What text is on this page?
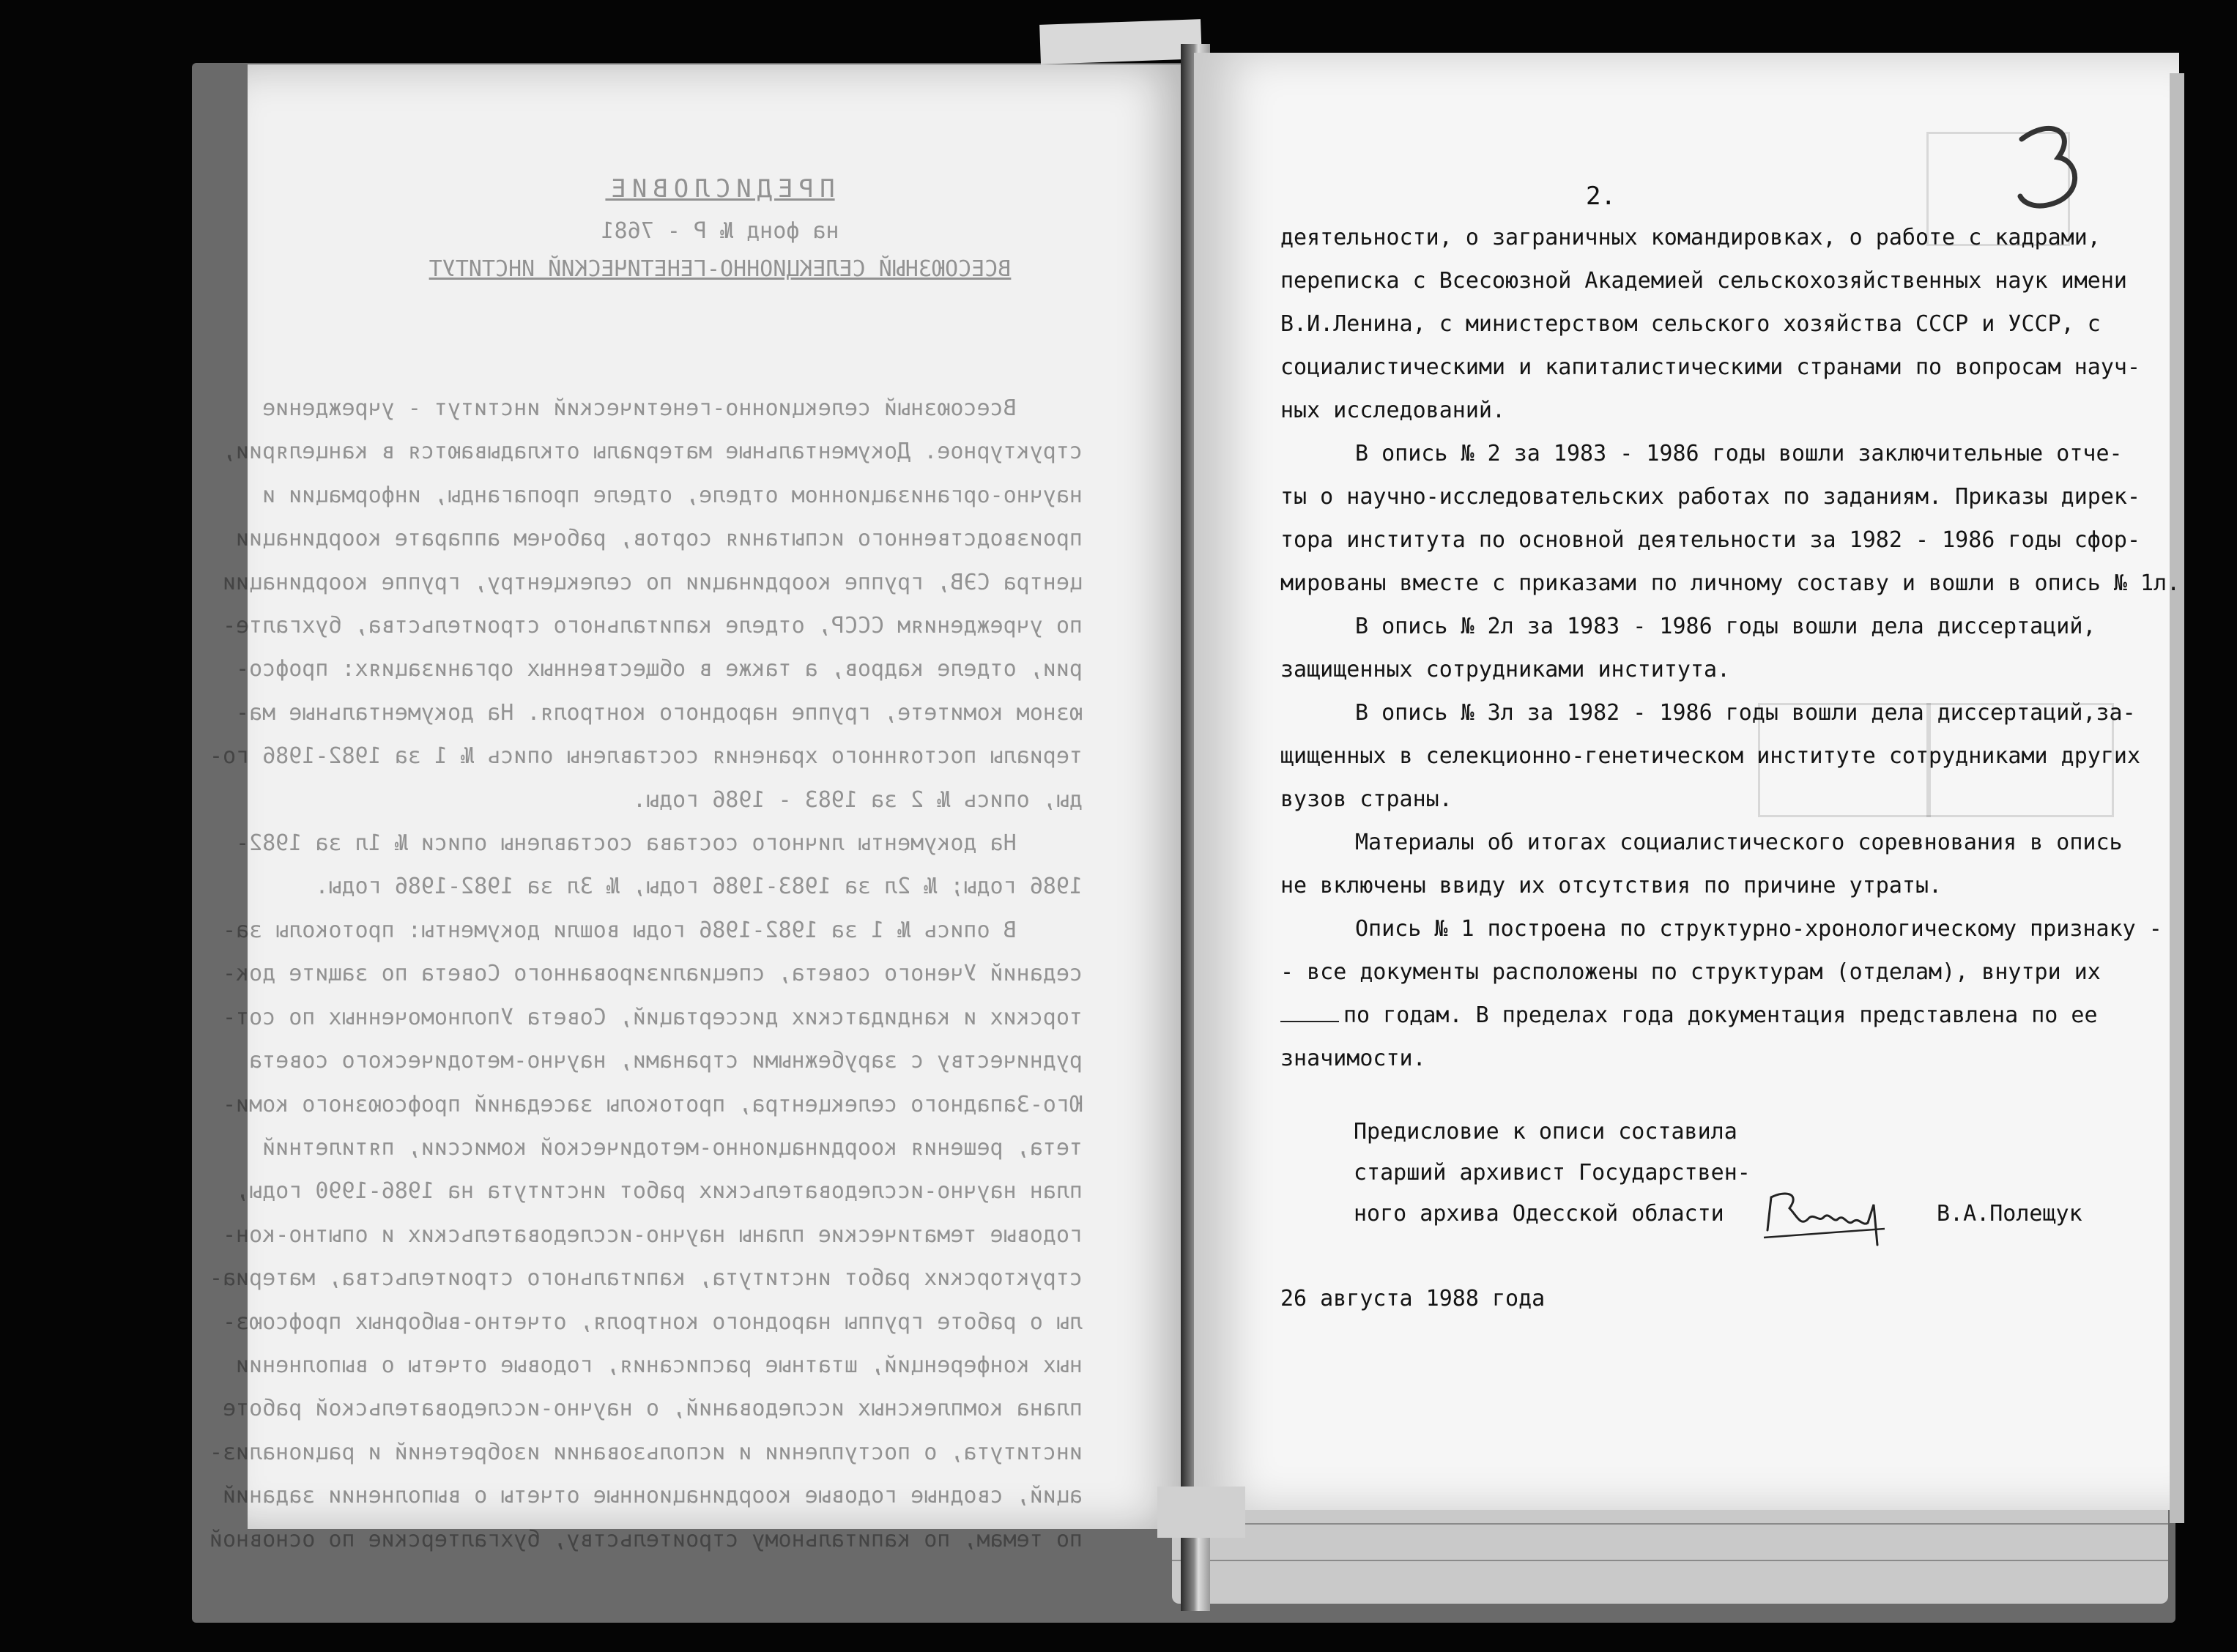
ПРЕДИСЛОВИЕ
на фонд № Р - 7681
ВСЕСОЮЗНЫЙ СЕЛЕКЦИОННО-ГЕНЕТИЧЕСКИЙ ИНСТИТУТ
Всесоюзный селекционно-генетический институт - учреждение
структурное. Документальные материалы откладываются в канцелярии,
научно-организационном отделе, отделе пропаганды, информации и
производственного испытания сортов, рабочем аппарате координации
центра СЭВ, группе координации по селекцентру, группе координации
по учреждениям СССР, отделе капитального строительства, бухгалте-
рии, отделе кадров, а также в общественных организациях: профсо-
юзном комитете, группе народного контроля. На документальные ма-
териалы постоянного хранения составлены опись № 1 за 1982-1986 го-
ды, опись № 2 за 1983 - 1986 годы.
На документы личного состава составлены описи № 1л за 1982-
1986 годы; № 2л за 1983-1986 годы, № 3л за 1982-1986 годы.
В опись № 1 за 1982-1986 годы вошли документы: протоколы за-
седаний Ученого совета, специализированного Совета по защите док-
торских и кандидатских диссертаций, Совета Уполномоченных по сот-
рудничеству с зарубежными странами, научно-методического совета
Юго-Западного селекцентра, протоколы заседаний профсоюзного коми-
тета, решения координационно-методической комиссии, пятилетний
план научно-исследовательских работ института на 1986-1990 годы,
годовые тематические планы научно-исследовательских и опытно-кон-
структорских работ института, капитального строительства, материа-
лы о работе группы народного контроля, отчетно-выборных профсоюз-
ных конференций, штатные расписания, годовые отчеты о выполнении
плана комплексных исследований, о научно-исследовательской работе
института, о поступлении и использовании изобретений и рационализ-
аций, сводные годовые координационные отчеты о выполнении заданий
по темам, по капитальному строительству, бухгалтерские по основной
2.
деятельности, о заграничных командировках, о работе с кадрами,
переписка с Всесоюзной Академией сельскохозяйственных наук имени
В.И.Ленина, с министерством сельского хозяйства СССР и УССР, с
социалистическими и капиталистическими странами по вопросам науч-
ных исследований.
В опись № 2 за 1983 - 1986 годы вошли заключительные отче-
ты о научно-исследовательских работах по заданиям. Приказы дирек-
тора института по основной деятельности за 1982 - 1986 годы сфор-
мированы вместе с приказами по личному составу и вошли в опись № 1л.
В опись № 2л за 1983 - 1986 годы вошли дела диссертаций,
защищенных сотрудниками института.
В опись № 3л за 1982 - 1986 годы вошли дела диссертаций,за-
щищенных в селекционно-генетическом институте сотрудниками других
вузов страны.
Материалы об итогах социалистического соревнования в опись
не включены ввиду их отсутствия по причине утраты.
Опись № 1 построена по структурно-хронологическому признаку -
- все документы расположены по структурам (отделам), внутри их
по годам. В пределах года документация представлена по ее
значимости.
Предисловие к описи составила
старший архивист Государствен-
ного архива Одесской области	В.А.Полещук
26 августа 1988 года
